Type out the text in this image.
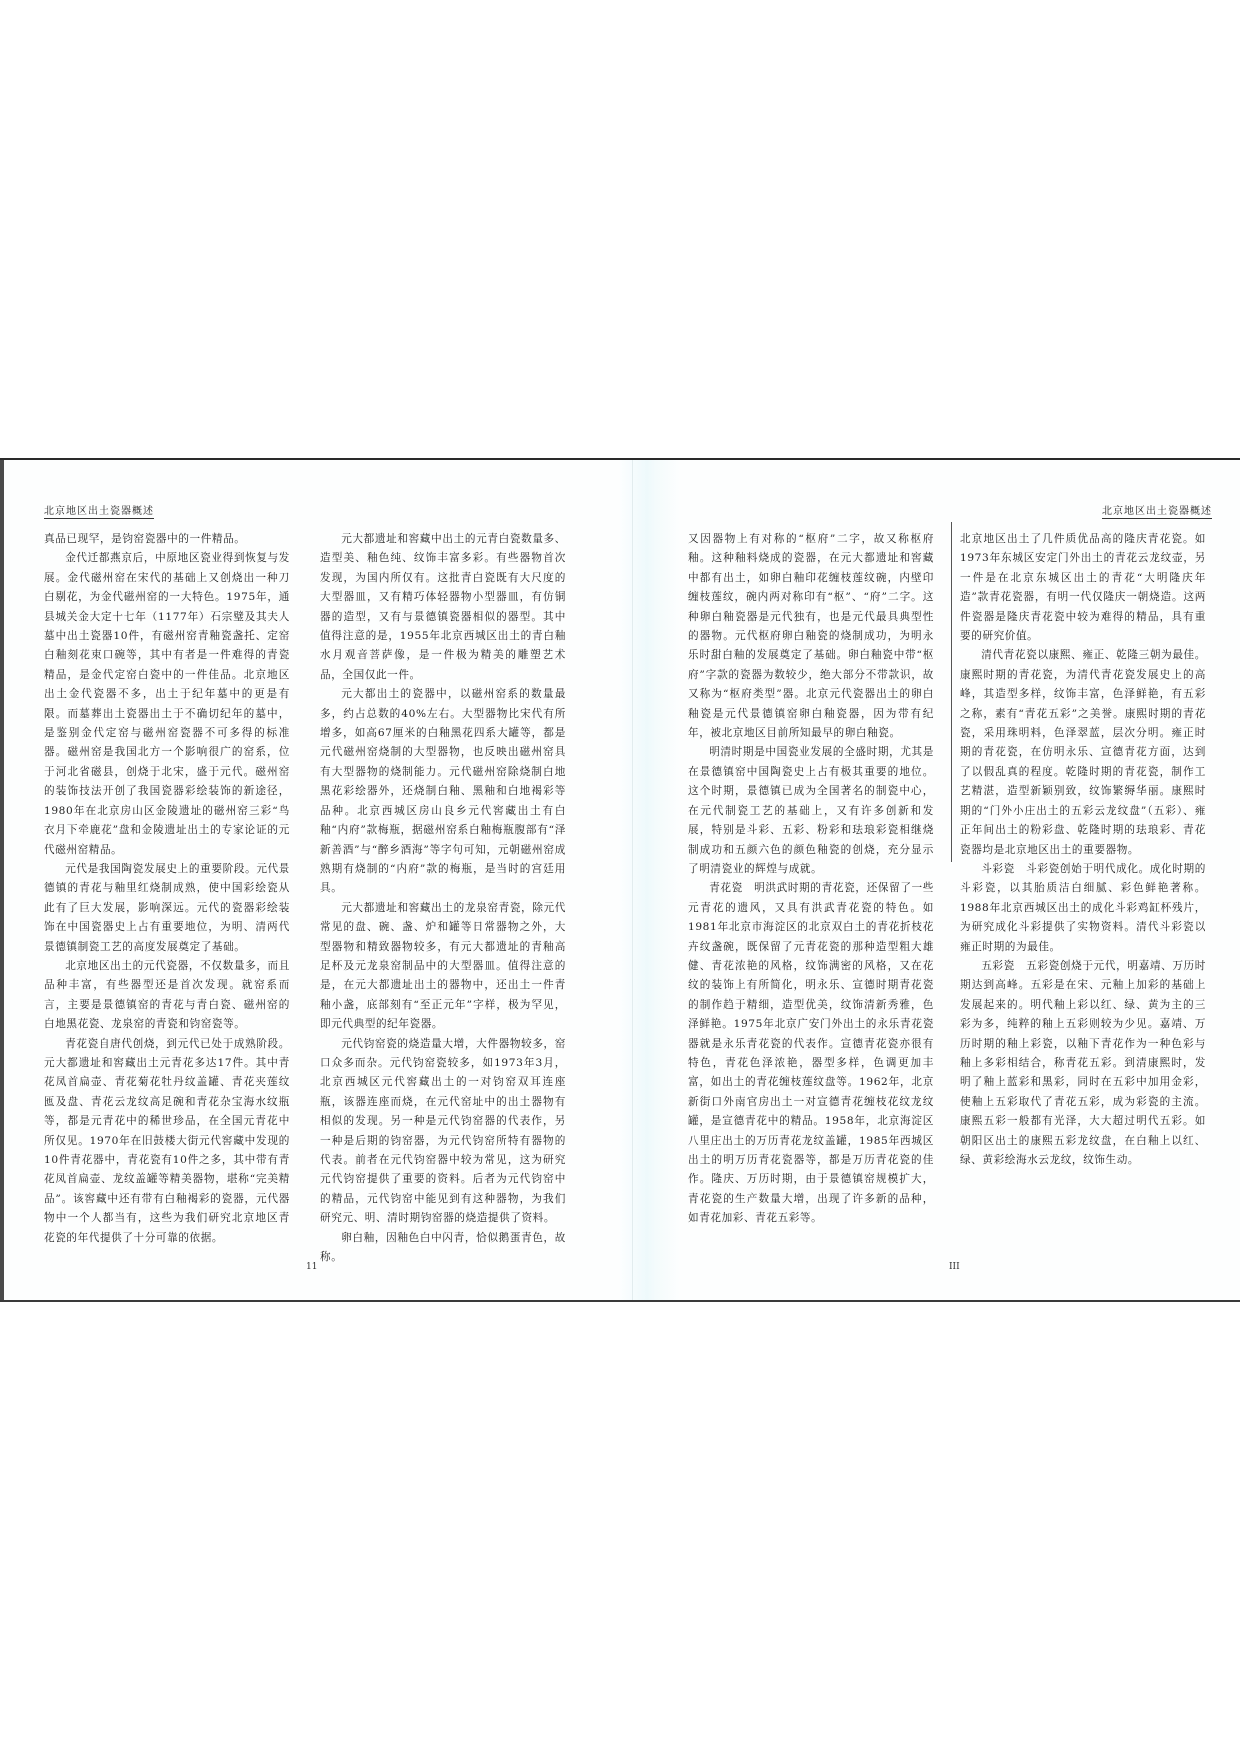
北京地区出土瓷器概述	北京地区出土瓷器概述

真品已现罕，是钧窑瓷器中的一件精品。

金代迁都燕京后，中原地区瓷业得到恢复与发展。金代磁州窑在宋代的基础上又创烧出一种刀白剔花，为金代磁州窑的一大特色。1975年，通县城关金大定十七年（1177年）石宗璧及其夫人墓中出土瓷器10件，有磁州窑青釉瓷盏托、定窑白釉刻花束口碗等，其中有者是一件难得的青瓷精品，是金代定窑白瓷中的一件佳品。北京地区出土金代瓷器不多，出土于纪年墓中的更是有限。而墓葬出土瓷器出土于不确切纪年的墓中，是鉴别金代定窑与磁州窑瓷器不可多得的标准器。磁州窑是我国北方一个影响很广的窑系，位于河北省磁县，创烧于北宋，盛于元代。磁州窑的装饰技法开创了我国瓷器彩绘装饰的新途径，1980年在北京房山区金陵遗址的磁州窑三彩“鸟衣月下牵鹿花”盘和金陵遗址出土的专家论证的元代磁州窑精品。

元代是我国陶瓷发展史上的重要阶段。元代景德镇的青花与釉里红烧制成熟，使中国彩绘瓷从此有了巨大发展，影响深远。元代的瓷器彩绘装饰在中国瓷器史上占有重要地位，为明、清两代景德镇制瓷工艺的高度发展奠定了基础。

北京地区出土的元代瓷器，不仅数量多，而且品种丰富，有些器型还是首次发现。就窑系而言，主要是景德镇窑的青花与青白瓷、磁州窑的白地黑花瓷、龙泉窑的青瓷和钧窑瓷等。

青花瓷自唐代创烧，到元代已处于成熟阶段。元大都遗址和窖藏出土元青花多达17件。其中青花凤首扁壶、青花菊花牡丹纹盖罐、青花夹莲纹匜及盘、青花云龙纹高足碗和青花杂宝海水纹瓶等，都是元青花中的稀世珍品，在全国元青花中所仅见。1970年在旧鼓楼大街元代窖藏中发现的10件青花器中，青花瓷有10件之多，其中带有青花凤首扁壶、龙纹盖罐等精美器物，堪称“完美精品”。该窖藏中还有带有白釉褐彩的瓷器，元代器物中一个人都当有，这些为我们研究北京地区青花瓷的年代提供了十分可靠的依据。

元大都遗址和窖藏中出土的元青白瓷数量多、造型美、釉色纯、纹饰丰富多彩。有些器物首次发现，为国内所仅有。这批青白瓷既有大尺度的大型器皿，又有精巧体轻器物小型器皿，有仿铜器的造型，又有与景德镇瓷器相似的器型。其中值得注意的是，1955年北京西城区出土的青白釉水月观音菩萨像，是一件极为精美的雕塑艺术品，全国仅此一件。

元大都出土的瓷器中，以磁州窑系的数量最多，约占总数的40%左右。大型器物比宋代有所增多，如高67厘米的白釉黑花四系大罐等，都是元代磁州窑烧制的大型器物，也反映出磁州窑具有大型器物的烧制能力。元代磁州窑除烧制白地黑花彩绘器外，还烧制白釉、黑釉和白地褐彩等品种。北京西城区房山良乡元代窖藏出土有白釉“内府”款梅瓶，据磁州窑系白釉梅瓶腹部有“泽新善酒”与“醉乡酒海”等字句可知，元朝磁州窑成熟期有烧制的“内府”款的梅瓶，是当时的宫廷用具。

元大都遗址和窖藏出土的龙泉窑青瓷，除元代常见的盘、碗、盏、炉和罐等日常器物之外，大型器物和精致器物较多，有元大都遗址的青釉高足杯及元龙泉窑制品中的大型器皿。值得注意的是，在元大都遗址出土的器物中，还出土一件青釉小盏，底部刻有“至正元年”字样，极为罕见，即元代典型的纪年瓷器。

元代钧窑瓷的烧造量大增，大件器物较多，窑口众多而杂。元代钧窑瓷较多，如1973年3月，北京西城区元代窖藏出土的一对钧窑双耳连座瓶，该器连座而烧，在元代窑址中的出土器物有相似的发现。另一种是元代钧窑器的代表作，另一种是后期的钧窑器，为元代钧窑所特有器物的代表。前者在元代钧窑器中较为常见，这为研究元代钧窑提供了重要的资料。后者为元代钧窑中的精品，元代钧窑中能见到有这种器物，为我们研究元、明、清时期钧窑器的烧造提供了资料。

卵白釉，因釉色白中闪青，恰似鹅蛋青色，故称。

又因器物上有对称的“枢府”二字，故又称枢府釉。这种釉料烧成的瓷器，在元大都遗址和窖藏中都有出土，如卵白釉印花缠枝莲纹碗，内壁印缠枝莲纹，碗内两对称印有“枢”、“府”二字。这种卵白釉瓷器是元代独有，也是元代最具典型性的器物。元代枢府卵白釉瓷的烧制成功，为明永乐时甜白釉的发展奠定了基础。卵白釉瓷中带“枢府”字款的瓷器为数较少，绝大部分不带款识，故又称为“枢府类型”器。北京元代瓷器出土的卵白釉瓷是元代景德镇窑卵白釉瓷器，因为带有纪年，被北京地区目前所知最早的卵白釉瓷。

明清时期是中国瓷业发展的全盛时期，尤其是在景德镇窑中国陶瓷史上占有极其重要的地位。这个时期，景德镇已成为全国著名的制瓷中心，在元代制瓷工艺的基础上，又有许多创新和发展，特别是斗彩、五彩、粉彩和珐琅彩瓷相继烧制成功和五颜六色的颜色釉瓷的创烧，充分显示了明清瓷业的辉煌与成就。

青花瓷　明洪武时期的青花瓷，还保留了一些元青花的遗风，又具有洪武青花瓷的特色。如1981年北京市海淀区的北京双白土的青花折枝花卉纹盏碗，既保留了元青花瓷的那种造型粗大雄健、青花浓艳的风格，纹饰满密的风格，又在花纹的装饰上有所简化，明永乐、宣德时期青花瓷的制作趋于精细，造型优美，纹饰清新秀雅，色泽鲜艳。1975年北京广安门外出土的永乐青花瓷器就是永乐青花瓷的代表作。宣德青花瓷亦很有特色，青花色泽浓艳，器型多样，色调更加丰富，如出土的青花缠枝莲纹盘等。1962年，北京新街口外南官房出土一对宣德青花缠枝花纹龙纹罐，是宣德青花中的精品。1958年，北京海淀区八里庄出土的万历青花龙纹盖罐，1985年西城区出土的明万历青花瓷器等，都是万历青花瓷的佳作。隆庆、万历时期，由于景德镇窑规模扩大，青花瓷的生产数量大增，出现了许多新的品种，如青花加彩、青花五彩等。

北京地区出土了几件质优品高的隆庆青花瓷。如1973年东城区安定门外出土的青花云龙纹壶，另一件是在北京东城区出土的青花“大明隆庆年造”款青花瓷器，有明一代仅隆庆一朝烧造。这两件瓷器是隆庆青花瓷中较为难得的精品，具有重要的研究价值。

清代青花瓷以康熙、雍正、乾隆三朝为最佳。康熙时期的青花瓷，为清代青花瓷发展史上的高峰，其造型多样，纹饰丰富，色泽鲜艳，有五彩之称，素有“青花五彩”之美誉。康熙时期的青花瓷，采用珠明料，色泽翠蓝，层次分明。雍正时期的青花瓷，在仿明永乐、宣德青花方面，达到了以假乱真的程度。乾隆时期的青花瓷，制作工艺精湛，造型新颖别致，纹饰繁缛华丽。康熙时期的“门外小庄出土的五彩云龙纹盘”（五彩）、雍正年间出土的粉彩盘、乾隆时期的珐琅彩、青花瓷器均是北京地区出土的重要器物。

斗彩瓷　斗彩瓷创始于明代成化。成化时期的斗彩瓷，以其胎质洁白细腻、彩色鲜艳著称。1988年北京西城区出土的成化斗彩鸡缸杯残片，为研究成化斗彩提供了实物资料。清代斗彩瓷以雍正时期的为最佳。

五彩瓷　五彩瓷创烧于元代，明嘉靖、万历时期达到高峰。五彩是在宋、元釉上加彩的基础上发展起来的。明代釉上彩以红、绿、黄为主的三彩为多，纯粹的釉上五彩则较为少见。嘉靖、万历时期的釉上彩瓷，以釉下青花作为一种色彩与釉上多彩相结合，称青花五彩。到清康熙时，发明了釉上蓝彩和黑彩，同时在五彩中加用金彩，使釉上五彩取代了青花五彩，成为彩瓷的主流。康熙五彩一般都有光泽，大大超过明代五彩。如朝阳区出土的康熙五彩龙纹盘，在白釉上以红、绿、黄彩绘海水云龙纹，纹饰生动。

11	III
